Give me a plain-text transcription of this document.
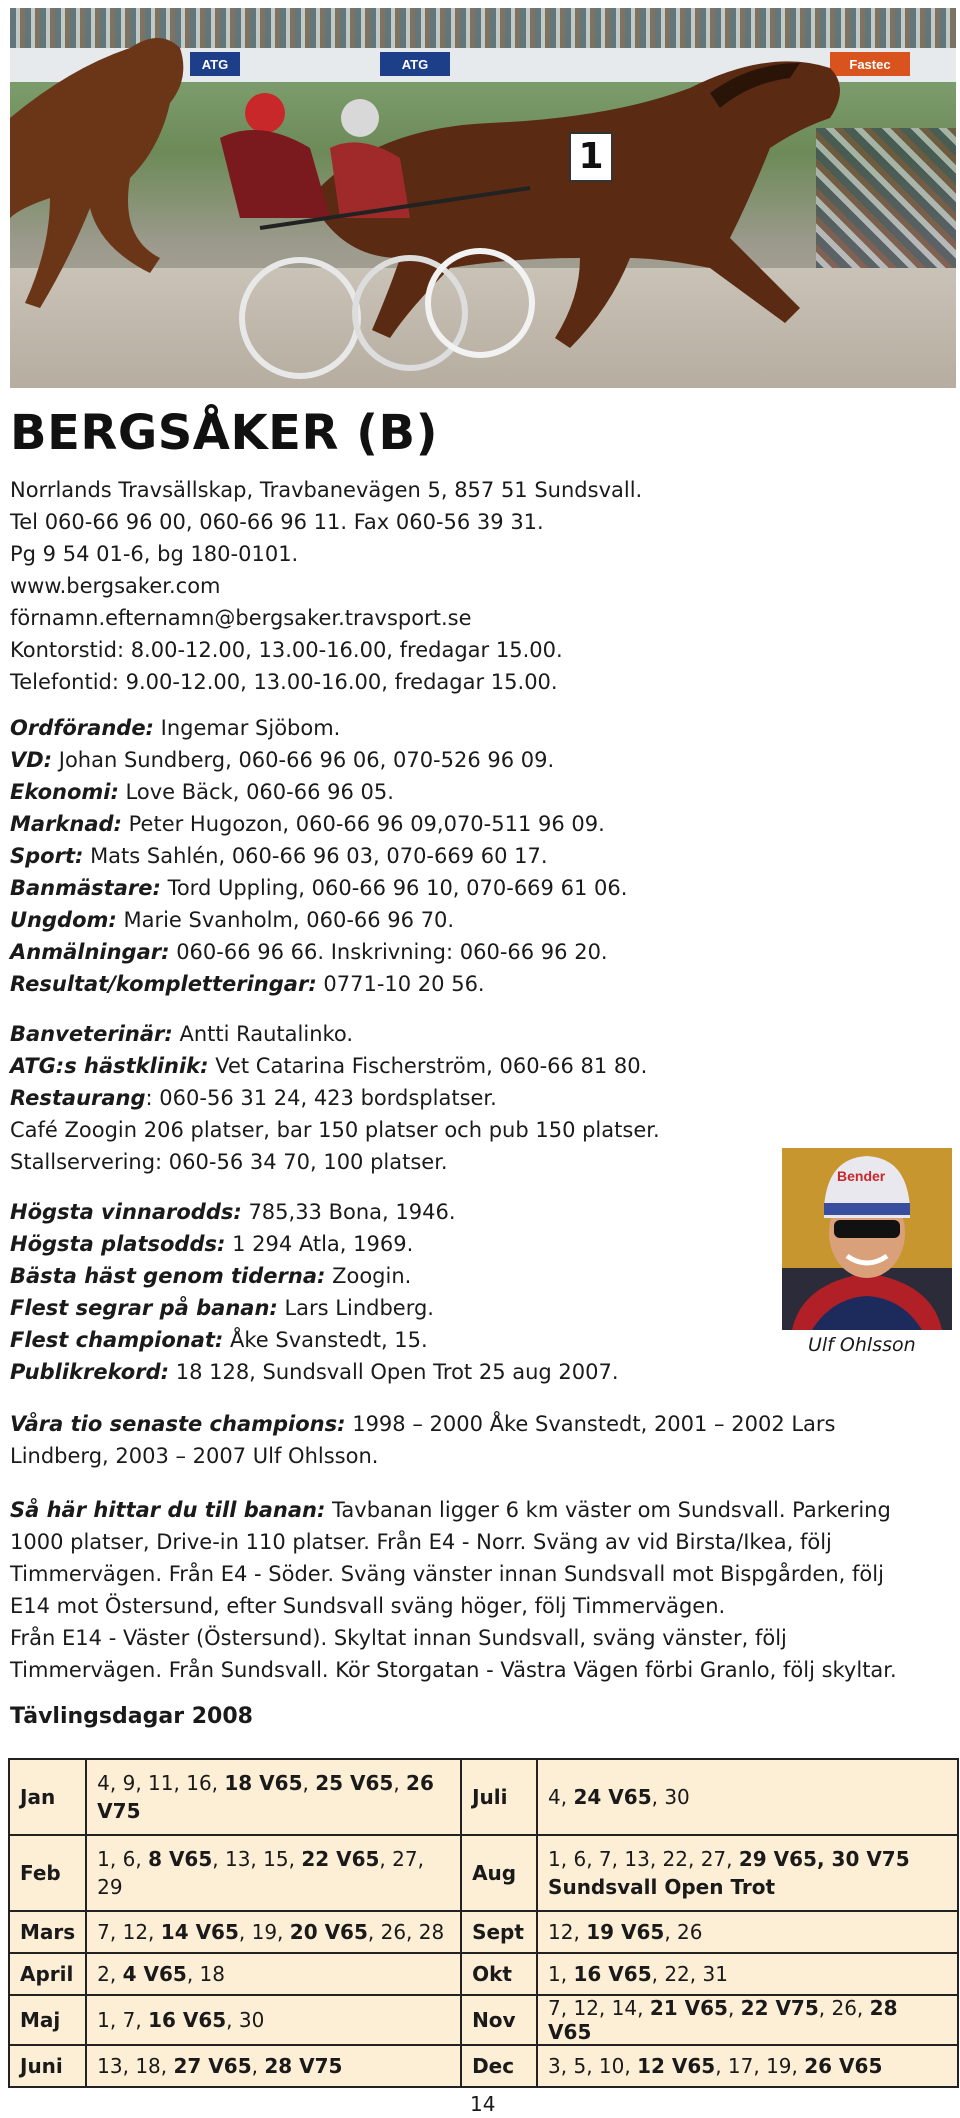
ATG	Fastec
ATG
1
BERGSÅKER (B)

Norrlands Travsällskap, Travbanevägen 5, 857 51 Sundsvall.

Tel 060-66 96 00, 060-66 96 11. Fax 060-56 39 31.

Pg 9 54 01-6, bg 180-0101.

www.bergsaker.com

förnamn.efternamn@bergsaker.travsport.se

Kontorstid: 8.00-12.00, 13.00-16.00, fredagar 15.00.

Telefontid: 9.00-12.00, 13.00-16.00, fredagar 15.00.

Ordförande: Ingemar Sjöbom.

VD: Johan Sundberg, 060-66 96 06, 070-526 96 09.

Ekonomi: Love Bäck, 060-66 96 05.

Marknad: Peter Hugozon, 060-66 96 09,070-511 96 09.

Sport: Mats Sahlén, 060-66 96 03, 070-669 60 17.

Banmästare: Tord Uppling, 060-66 96 10, 070-669 61 06.

Ungdom: Marie Svanholm, 060-66 96 70.

Anmälningar: 060-66 96 66. Inskrivning: 060-66 96 20.

Resultat/kompletteringar: 0771-10 20 56.

Banveterinär: Antti Rautalinko.

ATG:s hästklinik: Vet Catarina Fischerström, 060-66 81 80.

Restaurang: 060-56 31 24, 423 bordsplatser.

Café Zoogin 206 platser, bar 150 platser och pub 150 platser.

Stallservering: 060-56 34 70, 100 platser.

Bender
Ulf Ohlsson

Högsta vinnarodds: 785,33 Bona, 1946.

Högsta platsodds: 1 294 Atla, 1969.

Bästa häst genom tiderna: Zoogin.

Flest segrar på banan: Lars Lindberg.

Flest championat: Åke Svanstedt, 15.

Publikrekord: 18 128, Sundsvall Open Trot 25 aug 2007.

Våra tio senaste champions: 1998 – 2000 Åke Svanstedt, 2001 – 2002 Lars Lindberg, 2003 – 2007 Ulf Ohlsson.

Så här hittar du till banan: Tavbanan ligger 6 km väster om Sundsvall. Parkering 1000 platser, Drive-in 110 platser. Från E4 - Norr. Sväng av vid Birsta/Ikea, följ Timmervägen. Från E4 - Söder. Sväng vänster innan Sundsvall mot Bispgården, följ E14 mot Östersund, efter Sundsvall sväng höger, följ Timmervägen.

Från E14 - Väster (Östersund). Skyltat innan Sundsvall, sväng vänster, följ Timmervägen. Från Sundsvall. Kör Storgatan - Västra Vägen förbi Granlo, följ skyltar.

Tävlingsdagar 2008
Jan	4, 9, 11, 16, 18 V65, 25 V65, 26 V75	Juli	4, 24 V65, 30
Feb	1, 6, 8 V65, 13, 15, 22 V65, 27, 29	Aug	1, 6, 7, 13, 22, 27, 29 V65, 30 V75 Sundsvall Open Trot
Mars	7, 12, 14 V65, 19, 20 V65, 26, 28	Sept	12, 19 V65, 26
April	2, 4 V65, 18	Okt	1, 16 V65, 22, 31
Maj	1, 7, 16 V65, 30	Nov	7, 12, 14, 21 V65, 22 V75, 26, 28 V65
Juni	13, 18, 27 V65, 28 V75	Dec	3, 5, 10, 12 V65, 17, 19, 26 V65
14
